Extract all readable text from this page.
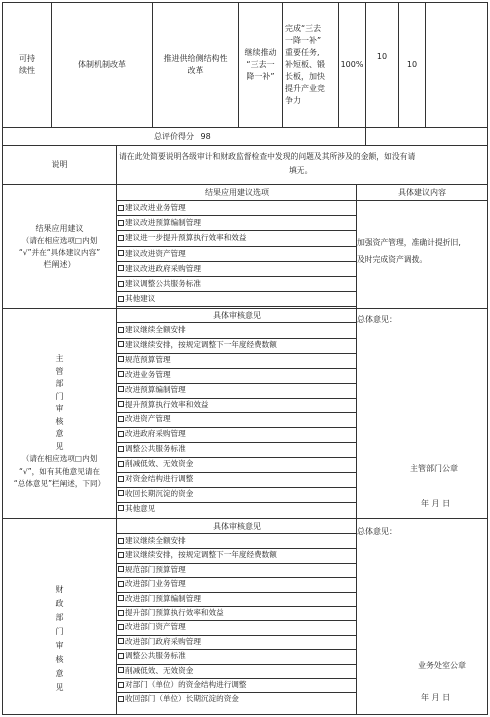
可持
续性
体制机制改革
推进供给侧结构性
改革
继续推动
“三去一
降一补”
完成“三去
一降一补”
重要任务,
补短板、锻
长板，加快
提升产业竞
争力
100%
10
10
总评价得分 98
说明
请在此处简要说明各级审计和财政监督检查中发现的问题及其所涉及的金额，如没有请
填无。
结果应用建议选项	具体建议内容
结果应用建议
（请在相应选项□内划
“√”并在“具体建议内容”
栏阐述）
建议改进业务管理
建议改进预算编制管理
建议进一步提升预算执行效率和效益
建议改进资产管理
建议改进政府采购管理
建议调整公共服务标准
其他建议
加强资产管理，准确计提折旧,
及时完成资产调拨。
具体审核意见
主
管
部
门
审
核
意
见
（请在相应选项□内划
“√”，如有其他意见请在
“总体意见”栏阐述，下同）
建议继续全额安排
建议继续安排，按规定调整下一年度经费数额
规范预算管理
改进业务管理
改进预算编制管理
提升预算执行效率和效益
改进资产管理
改进政府采购管理
调整公共服务标准
削减低效、无效资金
对资金结构进行调整
收回长期沉淀的资金
其他意见
总体意见：
主管部门公章
年 月 日
具体审核意见
财
政
部
门
审
核
意
见
建议继续全额安排
建议继续安排，按规定调整下一年度经费数额
规范部门预算管理
改进部门业务管理
改进部门预算编制管理
提升部门预算执行效率和效益
改进部门资产管理
改进部门政府采购管理
调整公共服务标准
削减低效、无效资金
对部门（单位）的资金结构进行调整
收回部门（单位）长期沉淀的资金
总体意见：
业务处室公章
年 月 日
